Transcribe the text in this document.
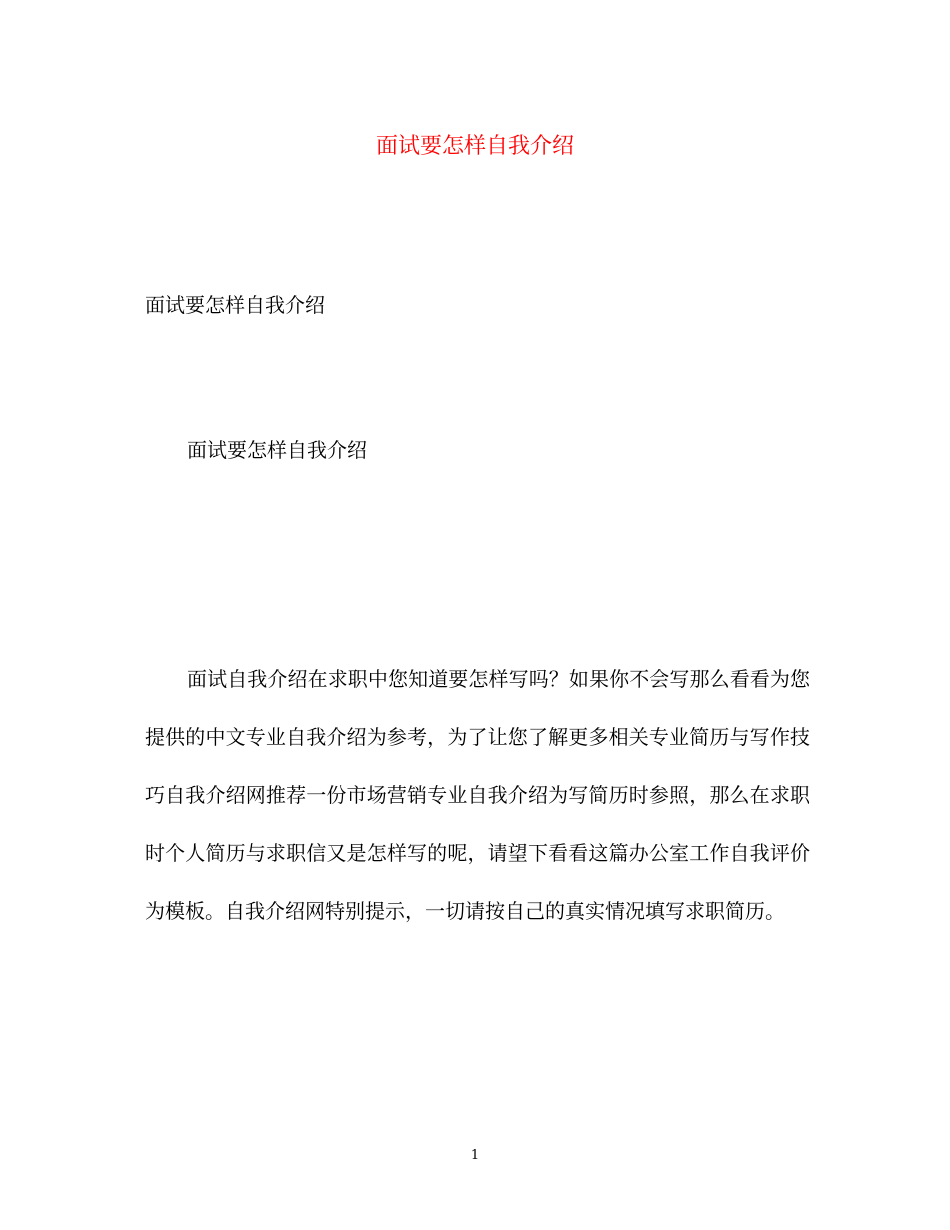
面试要怎样自我介绍
面试要怎样自我介绍
面试要怎样自我介绍

面试自我介绍在求职中您知道要怎样写吗？如果你不会写那么看看为您提供的中文专业自我介绍为参考，为了让您了解更多相关专业简历与写作技巧自我介绍网推荐一份市场营销专业自我介绍为写简历时参照，那么在求职时个人简历与求职信又是怎样写的呢，请望下看看这篇办公室工作自我评价为模板。自我介绍网特别提示，一切请按自己的真实情况填写求职简历。

1
